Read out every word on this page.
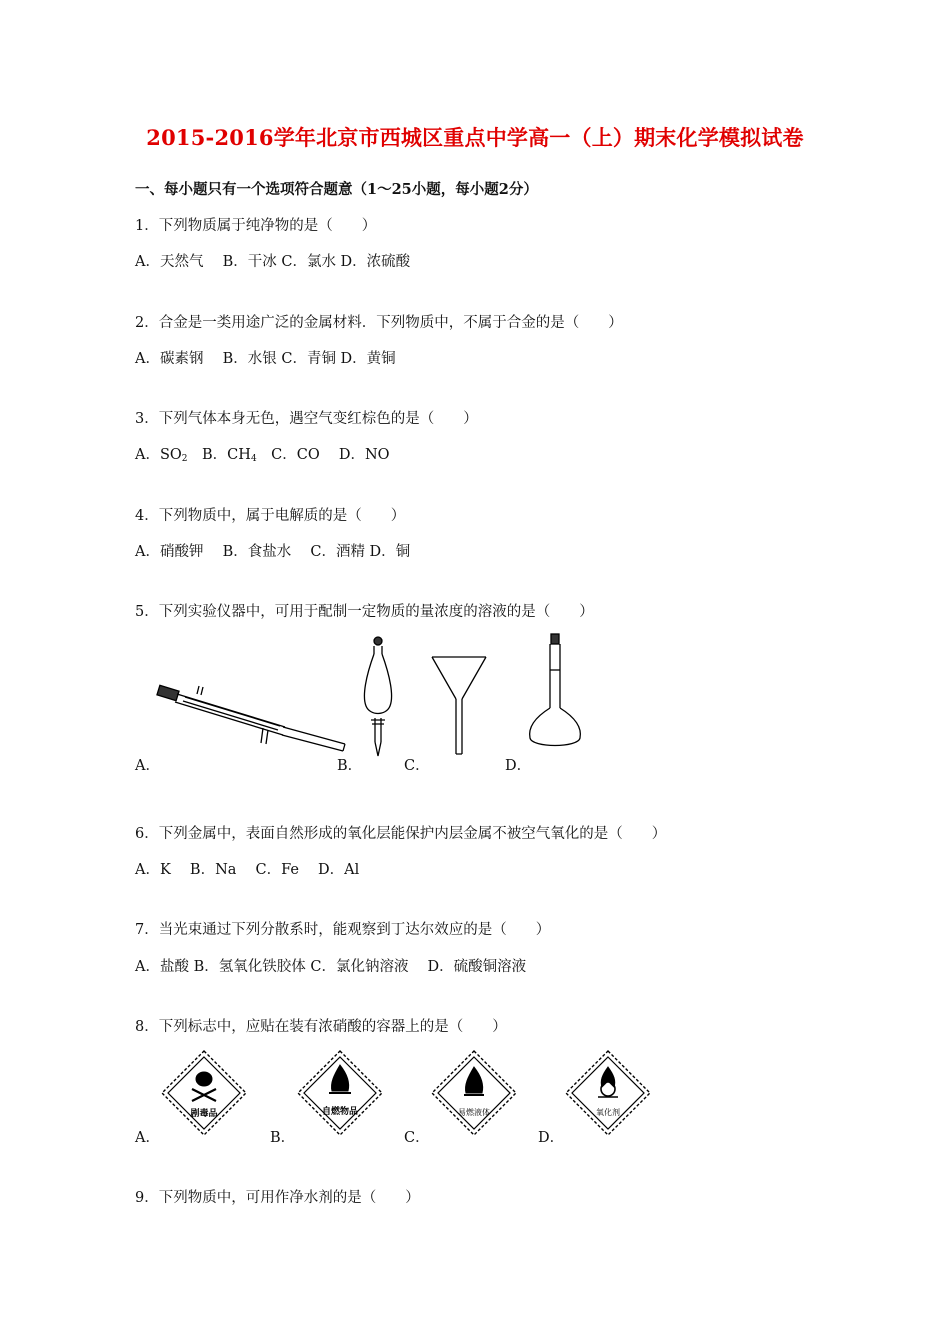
2015-2016学年北京市西城区重点中学高一（上）期末化学模拟试卷
一、每小题只有一个选项符合题意（1～25小题，每小题2分）
1．下列物质属于纯净物的是（　　）
A．天然气　 B．干冰 C．氯水 D．浓硫酸
2．合金是一类用途广泛的金属材料．下列物质中，不属于合金的是（　　）
A．碳素钢　 B．水银 C．青铜 D．黄铜
3．下列气体本身无色，遇空气变红棕色的是（　　）
A．$SO_2$　B．$CH_4$　C．CO　 D．NO
4．下列物质中，属于电解质的是（　　）
A．硝酸钾　 B．食盐水　 C．酒精 D．铜
5．下列实验仪器中，可用于配制一定物质的量浓度的溶液的是（　　）
A．	B．	C．	D．
6．下列金属中，表面自然形成的氧化层能保护内层金属不被空气氧化的是（　　）
A．K　 B．Na　 C．Fe　 D．Al
7．当光束通过下列分散系时，能观察到丁达尔效应的是（　　）
A．盐酸 B．氢氧化铁胶体 C．氯化钠溶液　 D．硫酸铜溶液
8．下列标志中，应贴在装有浓硝酸的容器上的是（　　）
剧毒品
A．
自燃物品
B．
易燃液体
C．
氧化剂
D．
9．下列物质中，可用作净水剂的是（　　）
